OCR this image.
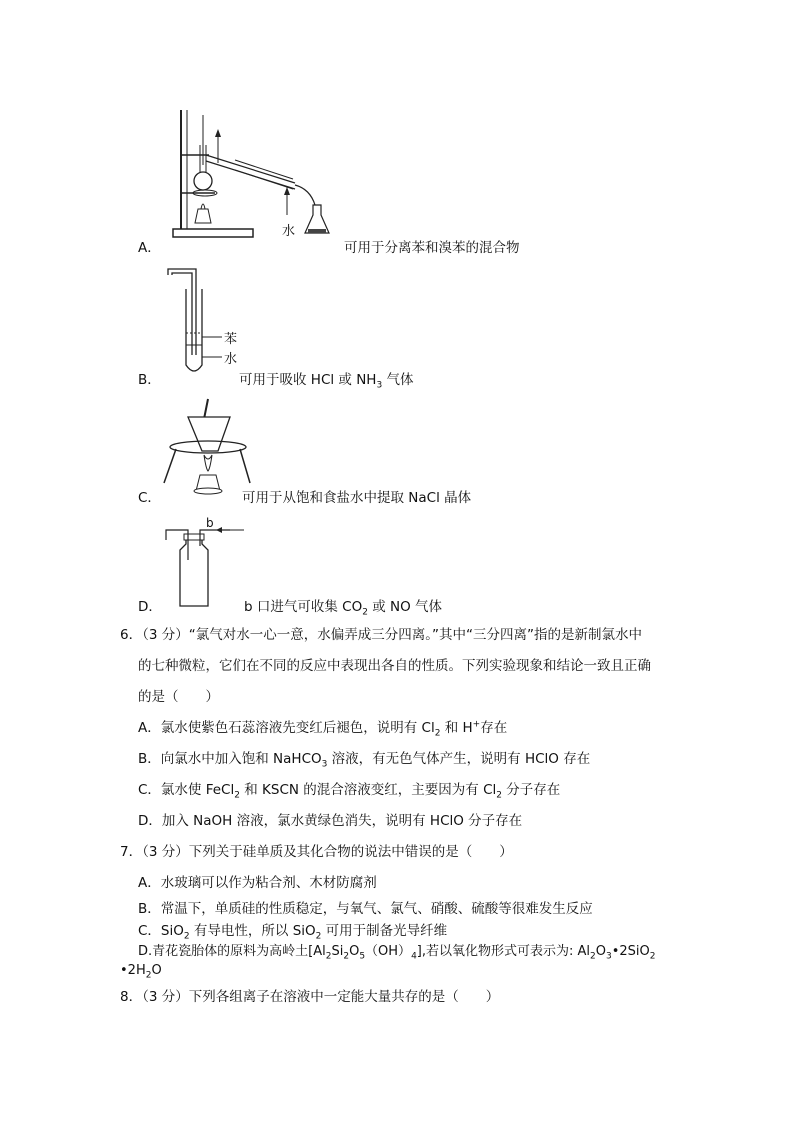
水
A．	可用于分离苯和溴苯的混合物
苯
水
B．	可用于吸收 HCl 或 $NH_3$ 气体
C．	可用于从饱和食盐水中提取 NaCl 晶体
b
D．	b 口进气可收集 $CO_2$ 或 NO 气体
6．（3 分）“氯气对水一心一意，水偏弄成三分四离。”其中“三分四离”指的是新制氯水中
的七种微粒，它们在不同的反应中表现出各自的性质。下列实验现象和结论一致且正确
的是（　　）
A．氯水使紫色石蕊溶液先变红后褪色，说明有 $Cl_2$ 和 H+存在
B．向氯水中加入饱和 NaHCO$_3$ 溶液，有无色气体产生，说明有 HClO 存在
C．氯水使 FeCl$_2$ 和 KSCN 的混合溶液变红，主要因为有 $Cl_2$ 分子存在
D．加入 NaOH 溶液，氯水黄绿色消失，说明有 HClO 分子存在
7．（3 分）下列关于硅单质及其化合物的说法中错误的是（　　）
A．水玻璃可以作为粘合剂、木材防腐剂
B．常温下，单质硅的性质稳定，与氧气、氯气、硝酸、硫酸等很难发生反应
C．SiO$_2$ 有导电性，所以 SiO$_2$ 可用于制备光导纤维
D.青花瓷胎体的原料为高岭土$[Al_2Si_2O_5(OH)_4]$,若以氧化物形式可表示为: $Al_2O_3•2SiO_2$
$•2H_2O$
8．（3 分）下列各组离子在溶液中一定能大量共存的是（　　）
